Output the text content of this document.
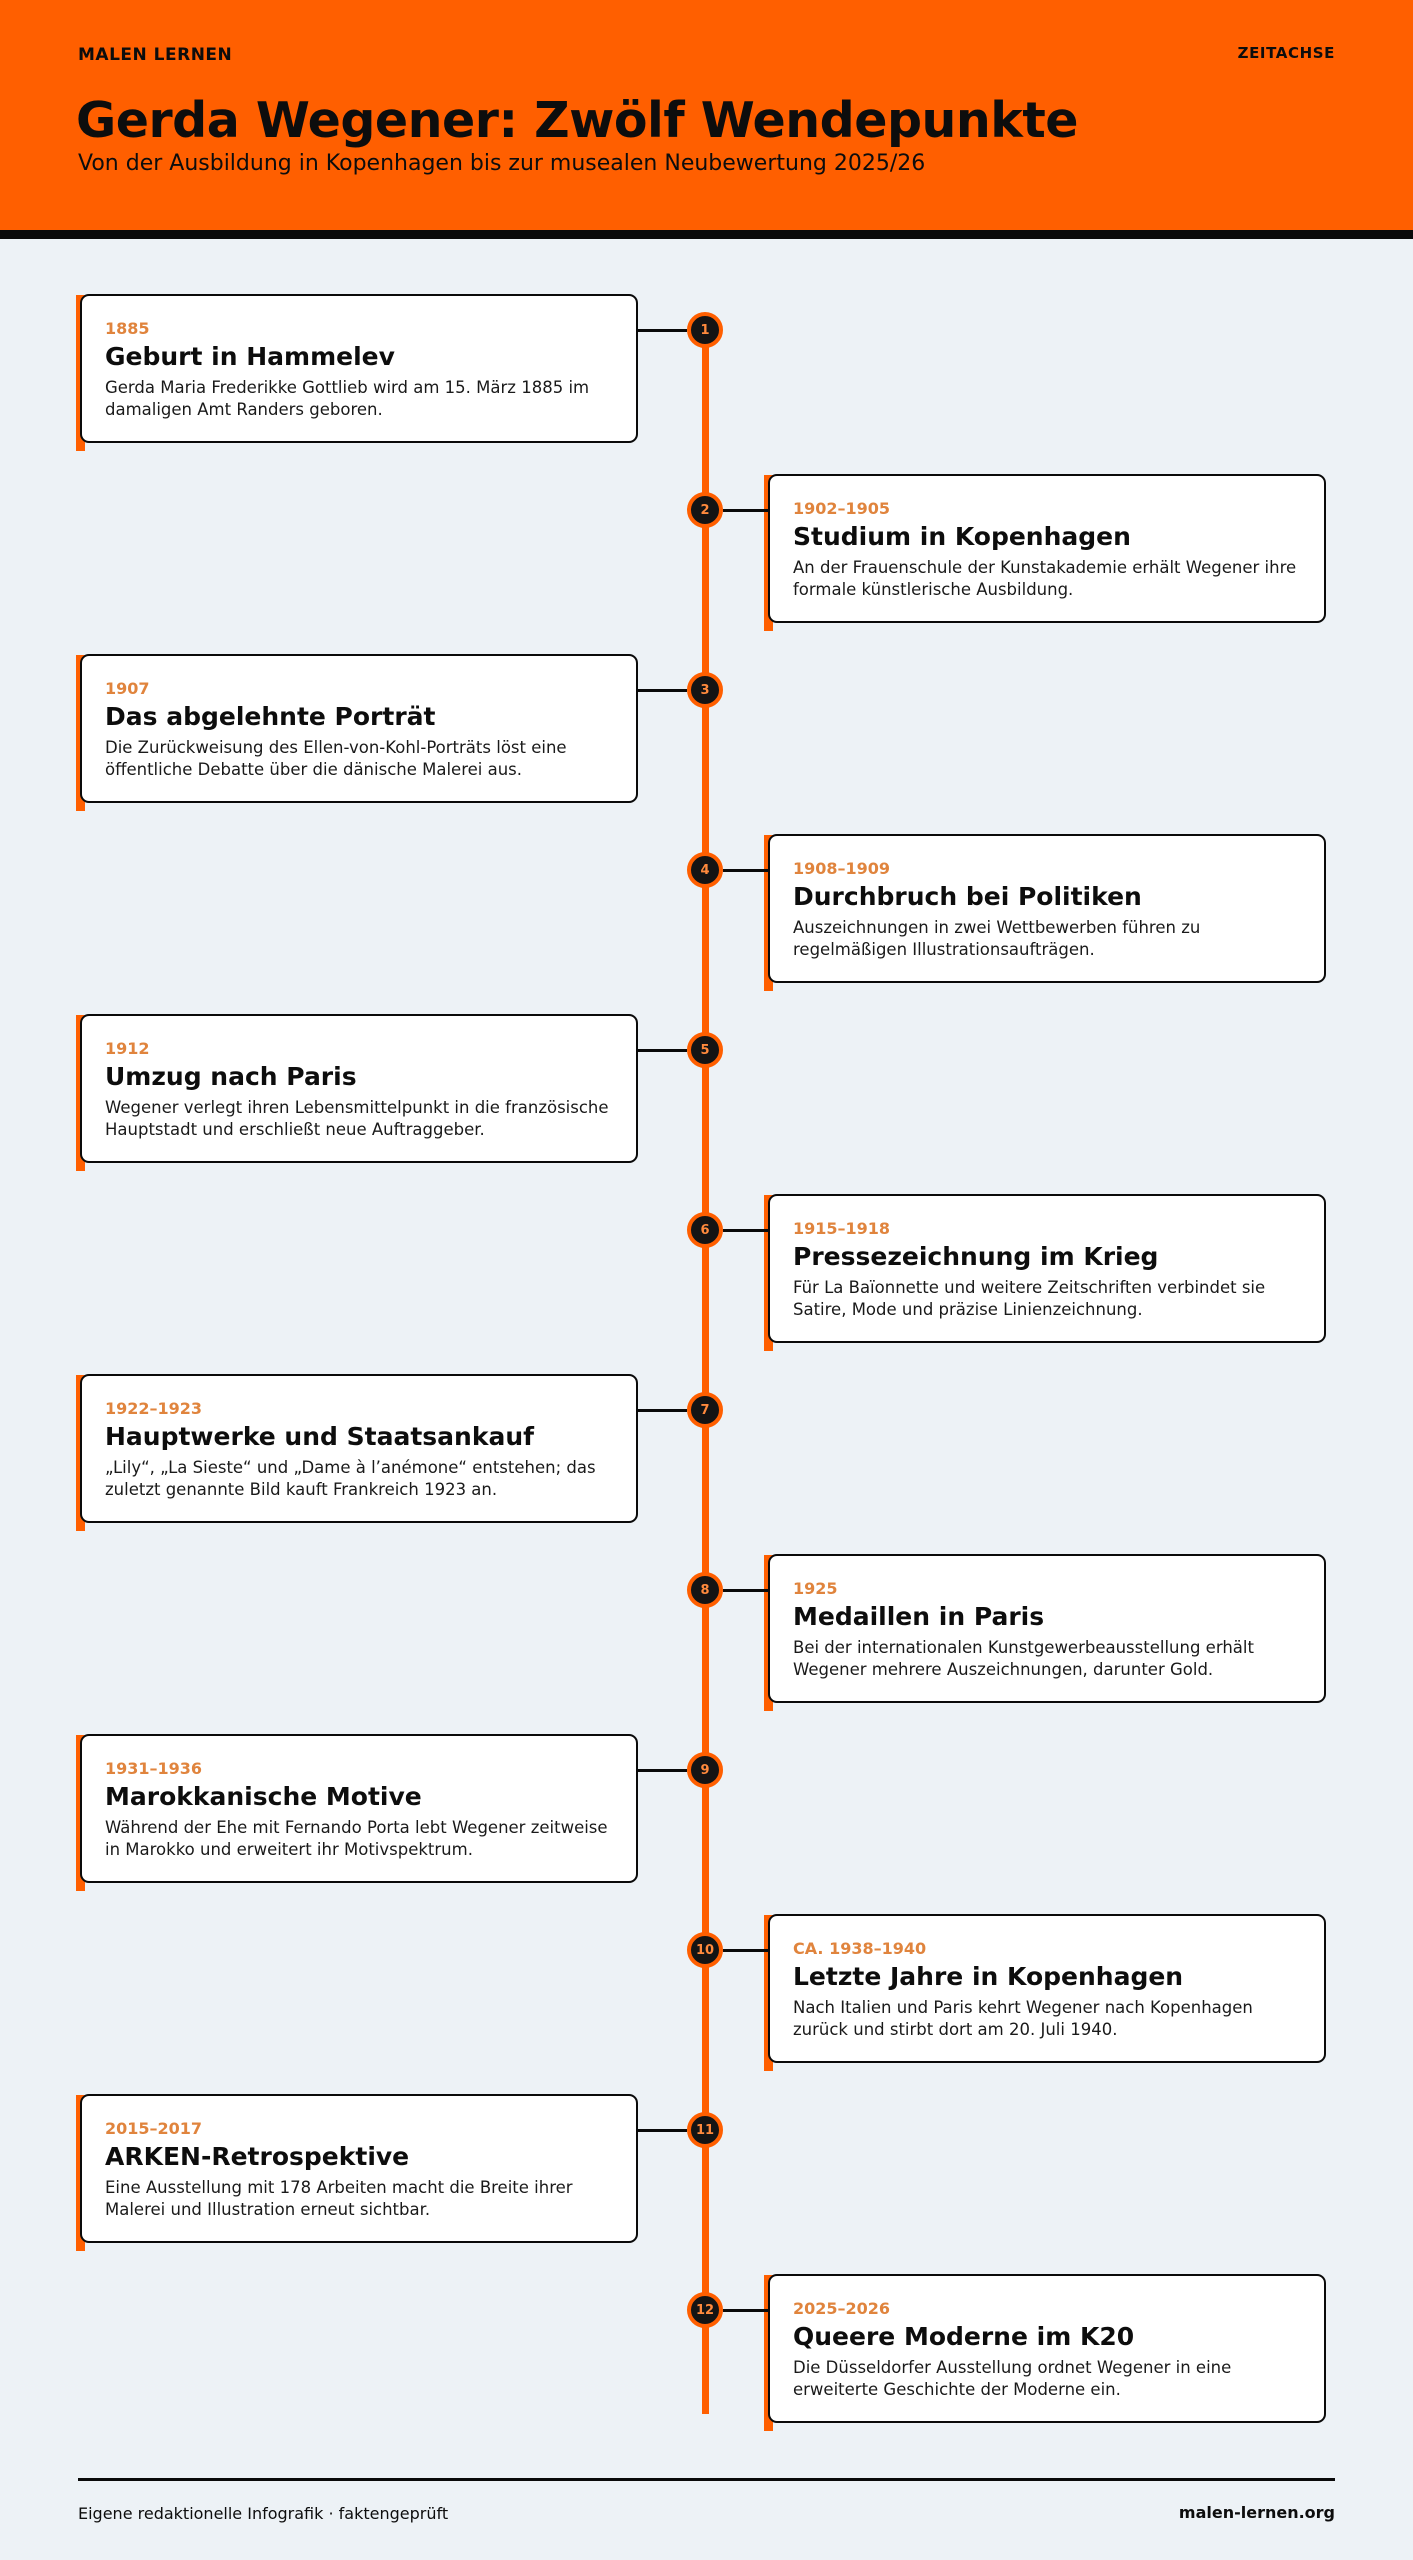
MALEN LERNEN	ZEITACHSE
Gerda Wegener: Zwölf Wendepunkte
Von der Ausbildung in Kopenhagen bis zur musealen Neubewertung 2025/26
1
1885
Geburt in Hammelev
Gerda Maria Frederikke Gottlieb wird am 15. März 1885 im damaligen Amt Randers geboren.
2	1902–1905
Studium in Kopenhagen
An der Frauenschule der Kunstakademie erhält Wegener ihre formale künstlerische Ausbildung.
3
1907
Das abgelehnte Porträt
Die Zurückweisung des Ellen-von-Kohl-Porträts löst eine öffentliche Debatte über die dänische Malerei aus.
4	1908–1909
Durchbruch bei Politiken
Auszeichnungen in zwei Wettbewerben führen zu regelmäßigen Illustrationsaufträgen.
5
1912
Umzug nach Paris
Wegener verlegt ihren Lebensmittelpunkt in die französische Hauptstadt und erschließt neue Auftraggeber.
6	1915–1918
Pressezeichnung im Krieg
Für La Baïonnette und weitere Zeitschriften verbindet sie Satire, Mode und präzise Linienzeichnung.
7
1922–1923
Hauptwerke und Staatsankauf
„Lily“, „La Sieste“ und „Dame à l’anémone“ entstehen; das zuletzt genannte Bild kauft Frankreich 1923 an.
8	1925
Medaillen in Paris
Bei der internationalen Kunstgewerbeausstellung erhält Wegener mehrere Auszeichnungen, darunter Gold.
9
1931–1936
Marokkanische Motive
Während der Ehe mit Fernando Porta lebt Wegener zeitweise in Marokko und erweitert ihr Motivspektrum.
10	CA. 1938–1940
Letzte Jahre in Kopenhagen
Nach Italien und Paris kehrt Wegener nach Kopenhagen zurück und stirbt dort am 20. Juli 1940.
11
2015–2017
ARKEN-Retrospektive
Eine Ausstellung mit 178 Arbeiten macht die Breite ihrer Malerei und Illustration erneut sichtbar.
12	2025–2026
Queere Moderne im K20
Die Düsseldorfer Ausstellung ordnet Wegener in eine erweiterte Geschichte der Moderne ein.
Eigene redaktionelle Infografik · faktengeprüft	malen-lernen.org
